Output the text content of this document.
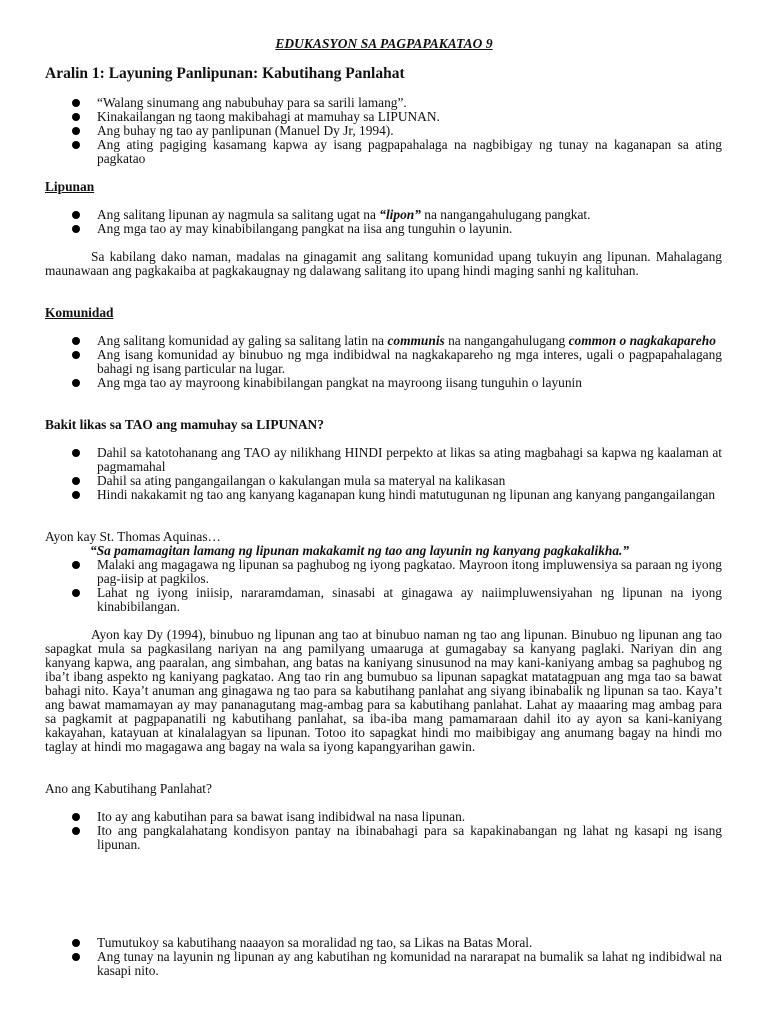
EDUKASYON SA PAGPAPAKATAO 9
Aralin 1: Layuning Panlipunan: Kabutihang Panlahat
“Walang sinumang ang nabubuhay para sa sarili lamang”.
Kinakailangan ng taong makibahagi at mamuhay sa LIPUNAN.
Ang buhay ng tao ay panlipunan (Manuel Dy Jr, 1994).
Ang ating pagiging kasamang kapwa ay isang pagpapahalaga na nagbibigay ng tunay na kaganapan sa ating pagkatao
Lipunan
Ang salitang lipunan ay nagmula sa salitang ugat na “lipon” na nangangahulugang pangkat.
Ang mga tao ay may kinabibilangang pangkat na iisa ang tunguhin o layunin.

Sa kabilang dako naman, madalas na ginagamit ang salitang komunidad upang tukuyin ang lipunan. Mahalagang maunawaan ang pagkakaiba at pagkakaugnay ng dalawang salitang ito upang hindi maging sanhi ng kalituhan.

Komunidad
Ang salitang komunidad ay galing sa salitang latin na communis na nangangahulugang common o nagkakapareho
Ang isang komunidad ay binubuo ng mga indibidwal na nagkakapareho ng mga interes, ugali o pagpapahalagang bahagi ng isang particular na lugar.
Ang mga tao ay mayroong kinabibilangan pangkat na mayroong iisang tunguhin o layunin
Bakit likas sa TAO ang mamuhay sa LIPUNAN?
Dahil sa katotohanang ang TAO ay nilikhang HINDI perpekto at likas sa ating magbahagi sa kapwa ng kaalaman at pagmamahal
Dahil sa ating pangangailangan o kakulangan mula sa materyal na kalikasan
Hindi nakakamit ng tao ang kanyang kaganapan kung hindi matutugunan ng lipunan ang kanyang pangangailangan
Ayon kay St. Thomas Aquinas…
“Sa pamamagitan lamang ng lipunan makakamit ng tao ang layunin ng kanyang pagkakalikha.”
Malaki ang magagawa ng lipunan sa paghubog ng iyong pagkatao. Mayroon itong impluwensiya sa paraan ng iyong pag-iisip at pagkilos.
Lahat ng iyong iniisip, nararamdaman, sinasabi at ginagawa ay naiimpluwensiyahan ng lipunan na iyong kinabibilangan.

Ayon kay Dy (1994), binubuo ng lipunan ang tao at binubuo naman ng tao ang lipunan. Binubuo ng lipunan ang tao sapagkat mula sa pagkasilang nariyan na ang pamilyang umaaruga at gumagabay sa kanyang paglaki. Nariyan din ang kanyang kapwa, ang paaralan, ang simbahan, ang batas na kaniyang sinusunod na may kani-kaniyang ambag sa paghubog ng iba’t ibang aspekto ng kaniyang pagkatao. Ang tao rin ang bumubuo sa lipunan sapagkat matatagpuan ang mga tao sa bawat bahagi nito. Kaya’t anuman ang ginagawa ng tao para sa kabutihang panlahat ang siyang ibinabalik ng lipunan sa tao. Kaya’t ang bawat mamamayan ay may pananagutang mag-ambag para sa kabutihang panlahat. Lahat ay maaaring mag ambag para sa pagkamit at pagpapanatili ng kabutihang panlahat, sa iba-iba mang pamamaraan dahil ito ay ayon sa kani-kaniyang kakayahan, katayuan at kinalalagyan sa lipunan. Totoo ito sapagkat hindi mo maibibigay ang anumang bagay na hindi mo taglay at hindi mo magagawa ang bagay na wala sa iyong kapangyarihan gawin.

Ano ang Kabutihang Panlahat?
Ito ay ang kabutihan para sa bawat isang indibidwal na nasa lipunan.
Ito ang pangkalahatang kondisyon pantay na ibinabahagi para sa kapakinabangan ng lahat ng kasapi ng isang lipunan.
Tumutukoy sa kabutihang naaayon sa moralidad ng tao, sa Likas na Batas Moral.
Ang tunay na layunin ng lipunan ay ang kabutihan ng komunidad na nararapat na bumalik sa lahat ng indibidwal na kasapi nito.
